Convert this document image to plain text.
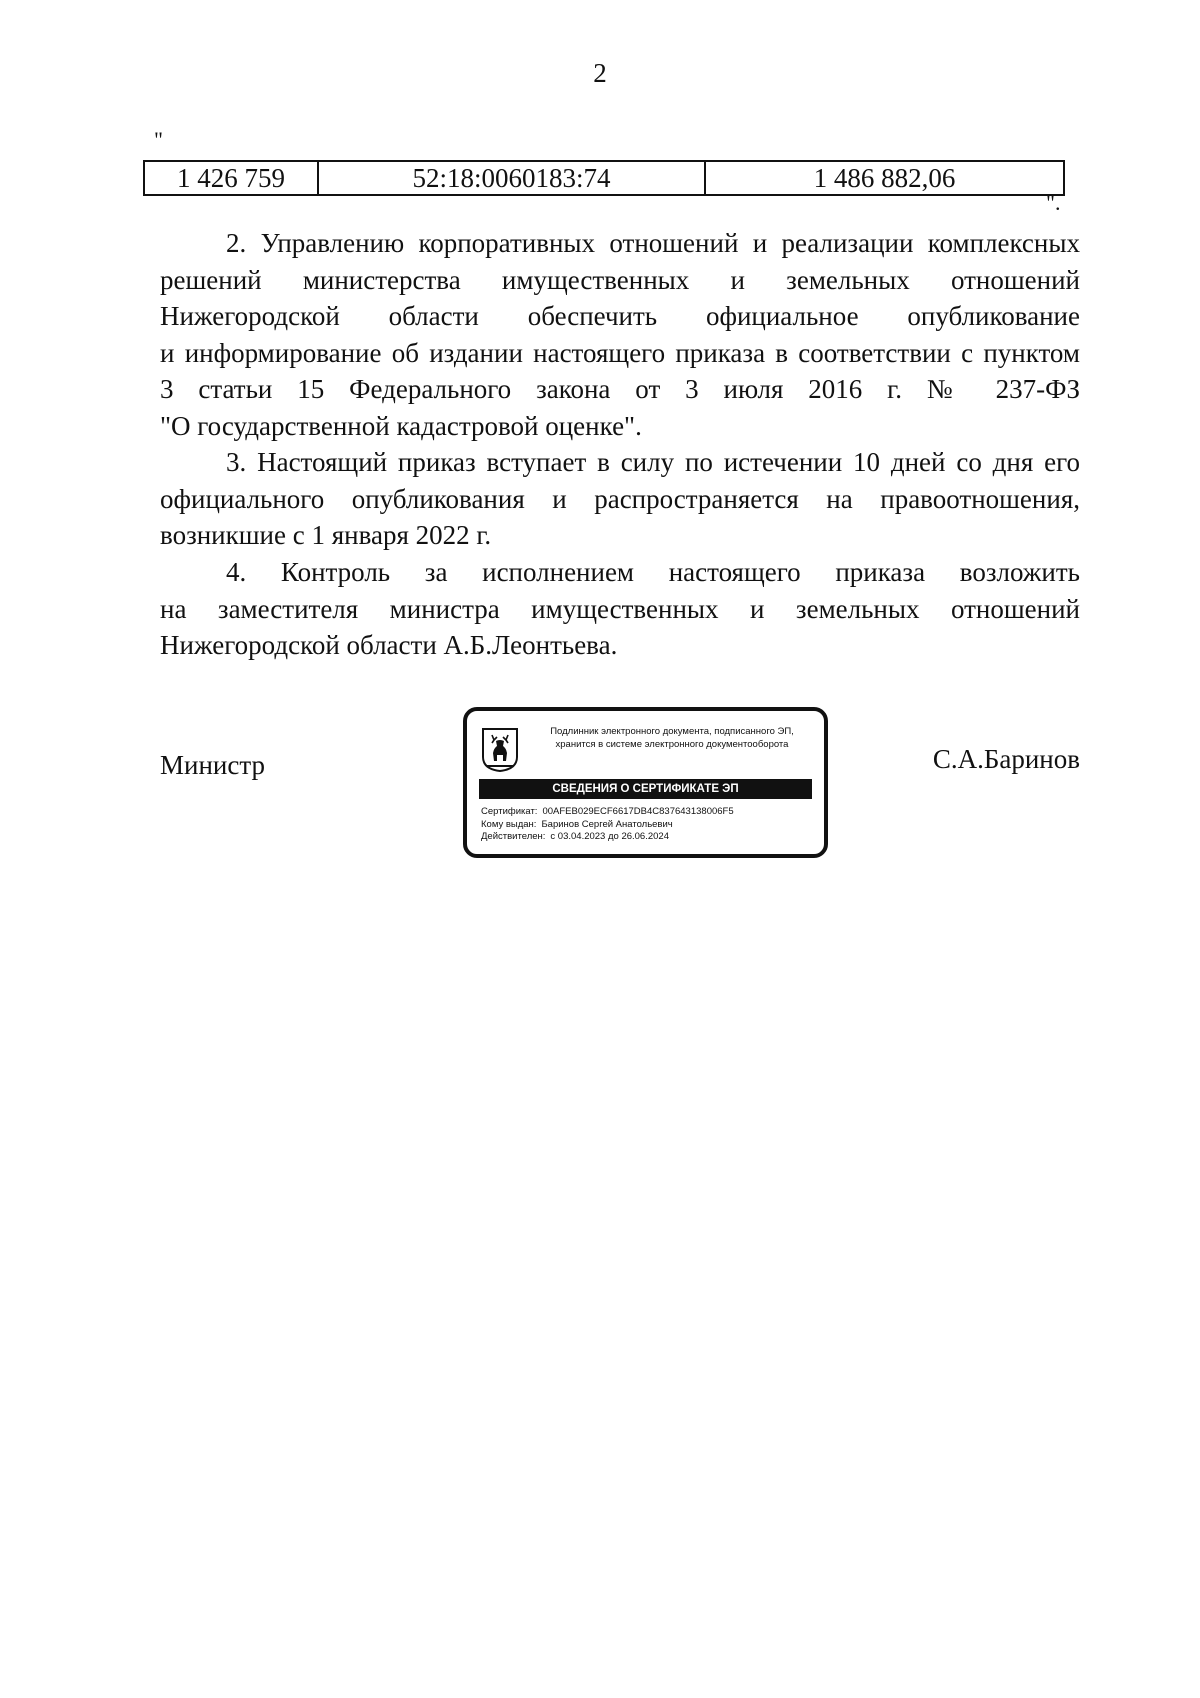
2
"
1 426 759	52:18:0060183:74	1 486 882,06
".
2. Управлению корпоративных отношений и реализации комплексных
решений министерства имущественных и земельных отношений
Нижегородской области обеспечить официальное опубликование
и информирование об издании настоящего приказа в соответствии с пунктом
3 статьи 15 Федерального закона от 3 июля 2016 г. № 237-ФЗ
"О государственной кадастровой оценке".
3. Настоящий приказ вступает в силу по истечении 10 дней со дня его
официального опубликования и распространяется на правоотношения,
возникшие с 1 января 2022 г.
4. Контроль за исполнением настоящего приказа возложить
на заместителя министра имущественных и земельных отношений
Нижегородской области А.Б.Леонтьева.
Министр
Подлинник электронного документа, подписанного ЭП,
хранится в системе электронного документооборота
СВЕДЕНИЯ О СЕРТИФИКАТЕ ЭП
Сертификат: 00AFEB029ECF6617DB4C837643138006F5
Кому выдан: Баринов Сергей Анатольевич
Действителен: с 03.04.2023 до 26.06.2024
С.А.Баринов
